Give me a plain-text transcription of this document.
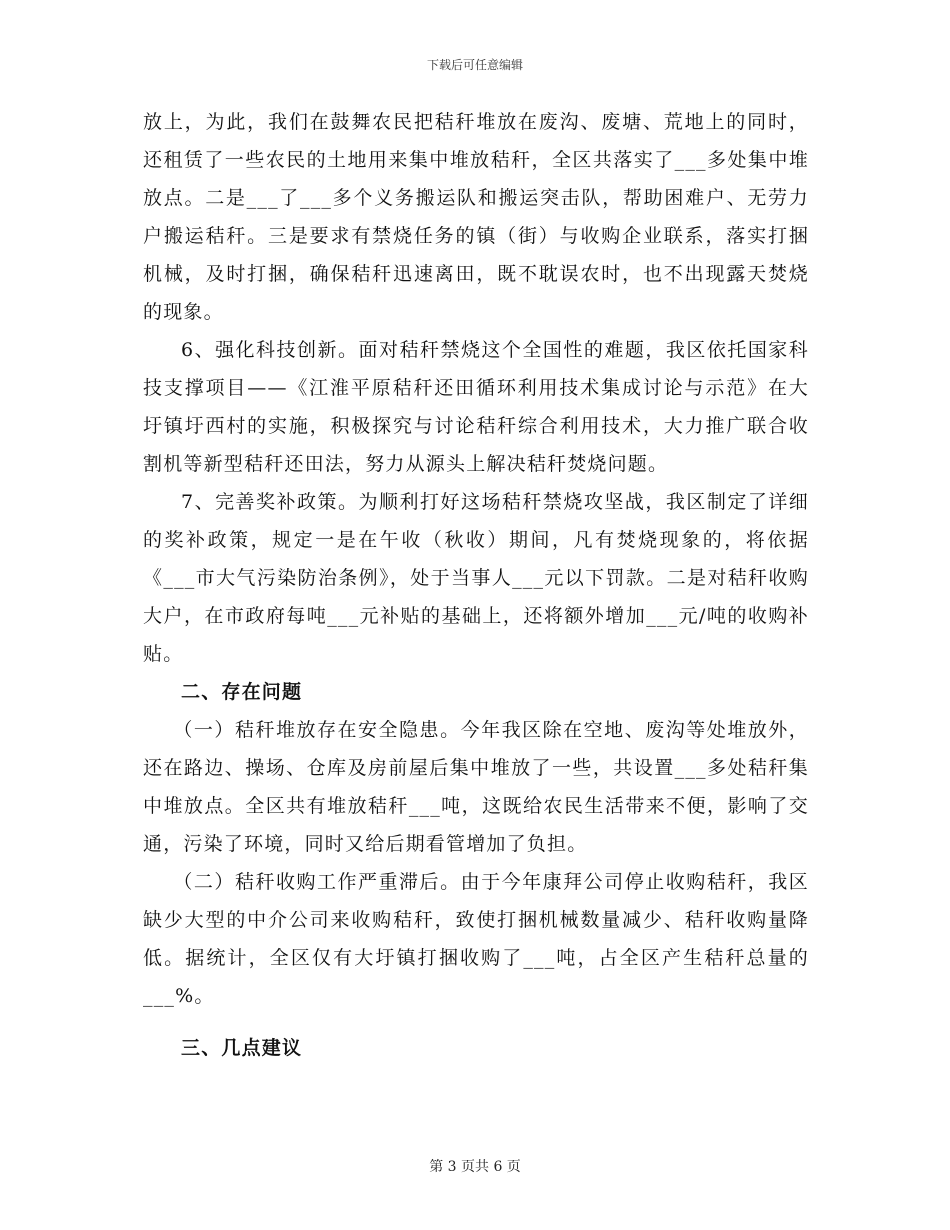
下载后可任意编辑

放上，为此，我们在鼓舞农民把秸秆堆放在废沟、废塘、荒地上的同时，还租赁了一些农民的土地用来集中堆放秸秆，全区共落实了___多处集中堆放点。二是___了___多个义务搬运队和搬运突击队，帮助困难户、无劳力户搬运秸秆。三是要求有禁烧任务的镇（街）与收购企业联系，落实打捆机械，及时打捆，确保秸秆迅速离田，既不耽误农时，也不出现露天焚烧的现象。

6、强化科技创新。面对秸秆禁烧这个全国性的难题，我区依托国家科技支撑项目——《江淮平原秸秆还田循环利用技术集成讨论与示范》在大圩镇圩西村的实施，积极探究与讨论秸秆综合利用技术，大力推广联合收割机等新型秸秆还田法，努力从源头上解决秸秆焚烧问题。

7、完善奖补政策。为顺利打好这场秸秆禁烧攻坚战，我区制定了详细的奖补政策，规定一是在午收（秋收）期间，凡有焚烧现象的，将依据《___市大气污染防治条例》，处于当事人___元以下罚款。二是对秸秆收购大户，在市政府每吨___元补贴的基础上，还将额外增加___元/吨的收购补贴。

二、存在问题

（一）秸秆堆放存在安全隐患。今年我区除在空地、废沟等处堆放外，还在路边、操场、仓库及房前屋后集中堆放了一些，共设置___多处秸秆集中堆放点。全区共有堆放秸秆___吨，这既给农民生活带来不便，影响了交通，污染了环境，同时又给后期看管增加了负担。

（二）秸秆收购工作严重滞后。由于今年康拜公司停止收购秸秆，我区缺少大型的中介公司来收购秸秆，致使打捆机械数量减少、秸秆收购量降低。据统计，全区仅有大圩镇打捆收购了___吨，占全区产生秸秆总量的___%。

三、几点建议
第 3 页共 6 页
